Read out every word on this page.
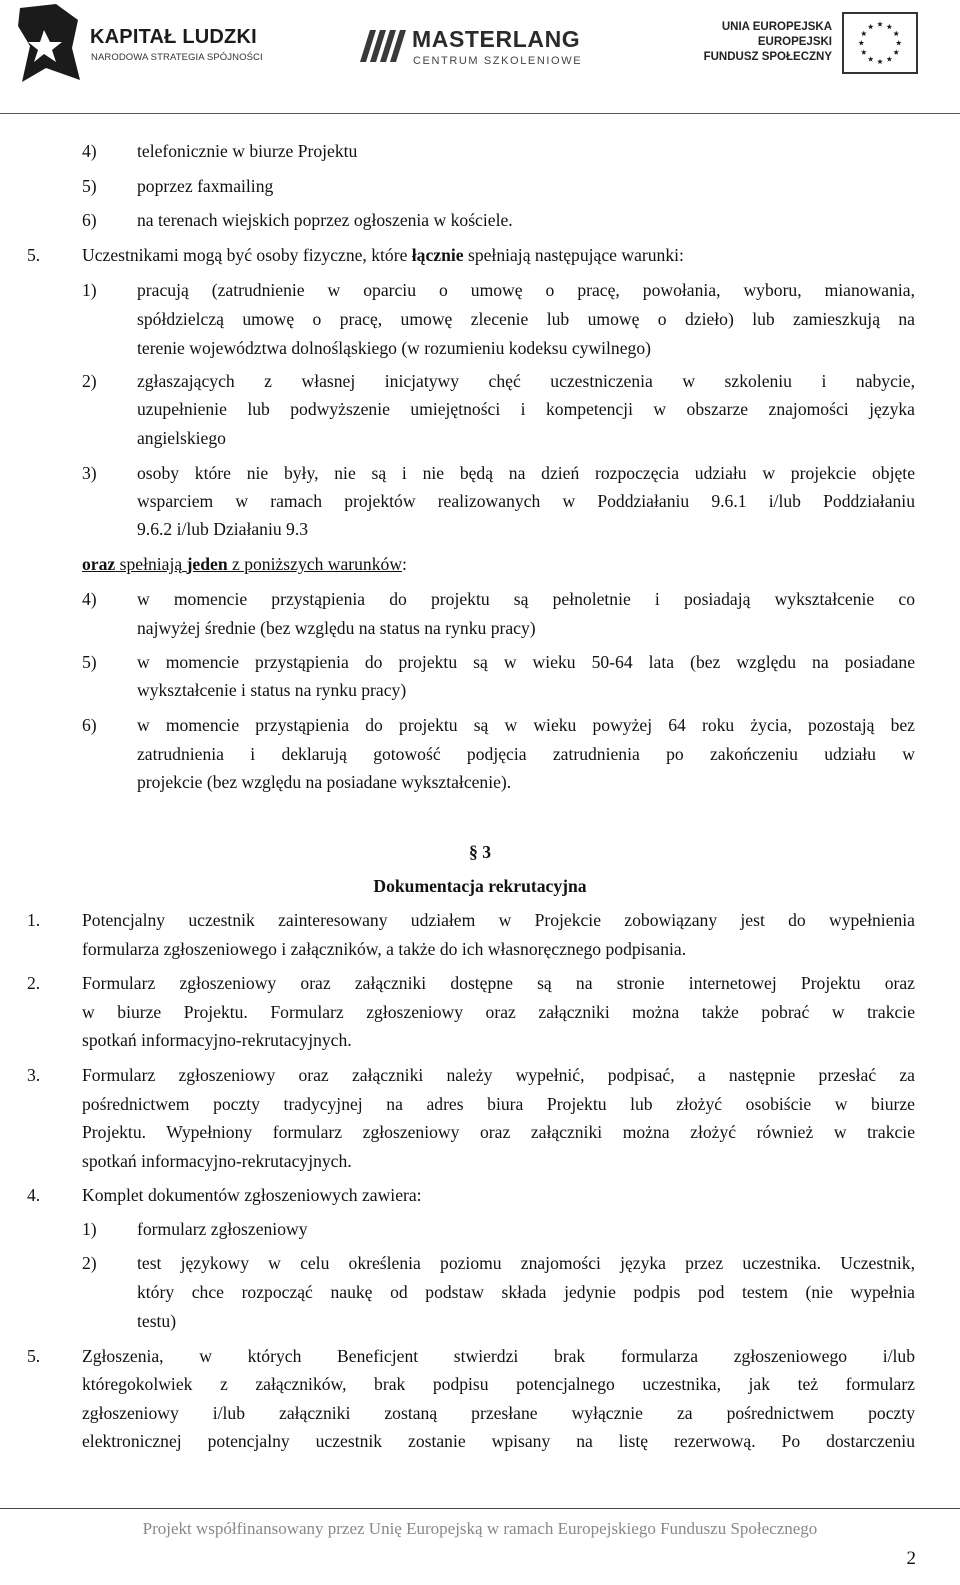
KAPITAŁ LUDZKI
NARODOWA STRATEGIA SPÓJNOŚCI
MASTERLANG
CENTRUM SZKOLENIOWE
UNIA EUROPEJSKA
EUROPEJSKI
FUNDUSZ SPOŁECZNY
4) telefonicznie w biurze Projektu
5) poprzez faxmailing
6) na terenach wiejskich poprzez ogłoszenia w kościele.
5. Uczestnikami mogą być osoby fizyczne, które łącznie spełniają następujące warunki:
1) pracują (zatrudnienie w oparciu o umowę o pracę, powołania, wyboru, mianowania,
spółdzielczą umowę o pracę, umowę zlecenie lub umowę o dzieło) lub zamieszkują na
terenie województwa dolnośląskiego (w rozumieniu kodeksu cywilnego)
2) zgłaszających z własnej inicjatywy chęć uczestniczenia w szkoleniu i nabycie,
uzupełnienie lub podwyższenie umiejętności i kompetencji w obszarze znajomości języka
angielskiego
3) osoby które nie były, nie są i nie będą na dzień rozpoczęcia udziału w projekcie objęte
wsparciem w ramach projektów realizowanych w Poddziałaniu 9.6.1 i/lub Poddziałaniu
9.6.2 i/lub Działaniu 9.3
oraz spełniają jeden z poniższych warunków:
4) w momencie przystąpienia do projektu są pełnoletnie i posiadają wykształcenie co
najwyżej średnie (bez względu na status na rynku pracy)
5) w momencie przystąpienia do projektu są w wieku 50-64 lata (bez względu na posiadane
wykształcenie i status na rynku pracy)
6) w momencie przystąpienia do projektu są w wieku powyżej 64 roku życia, pozostają bez
zatrudnienia i deklarują gotowość podjęcia zatrudnienia po zakończeniu udziału w
projekcie (bez względu na posiadane wykształcenie).
§ 3
Dokumentacja rekrutacyjna
1. Potencjalny uczestnik zainteresowany udziałem w Projekcie zobowiązany jest do wypełnienia
formularza zgłoszeniowego i załączników, a także do ich własnoręcznego podpisania.
2. Formularz zgłoszeniowy oraz załączniki dostępne są na stronie internetowej Projektu oraz
w biurze Projektu. Formularz zgłoszeniowy oraz załączniki można także pobrać w trakcie
spotkań informacyjno-rekrutacyjnych.
3. Formularz zgłoszeniowy oraz załączniki należy wypełnić, podpisać, a następnie przesłać za
pośrednictwem poczty tradycyjnej na adres biura Projektu lub złożyć osobiście w biurze
Projektu. Wypełniony formularz zgłoszeniowy oraz załączniki można złożyć również w trakcie
spotkań informacyjno-rekrutacyjnych.
4. Komplet dokumentów zgłoszeniowych zawiera:
1) formularz zgłoszeniowy
2) test językowy w celu określenia poziomu znajomości języka przez uczestnika. Uczestnik,
który chce rozpocząć naukę od podstaw składa jedynie podpis pod testem (nie wypełnia
testu)
5. Zgłoszenia, w których Beneficjent stwierdzi brak formularza zgłoszeniowego i/lub
któregokolwiek z załączników, brak podpisu potencjalnego uczestnika, jak też formularz
zgłoszeniowy i/lub załączniki zostaną przesłane wyłącznie za pośrednictwem poczty
elektronicznej potencjalny uczestnik zostanie wpisany na listę rezerwową. Po dostarczeniu
Projekt współfinansowany przez Unię Europejską w ramach Europejskiego Funduszu Społecznego
2
